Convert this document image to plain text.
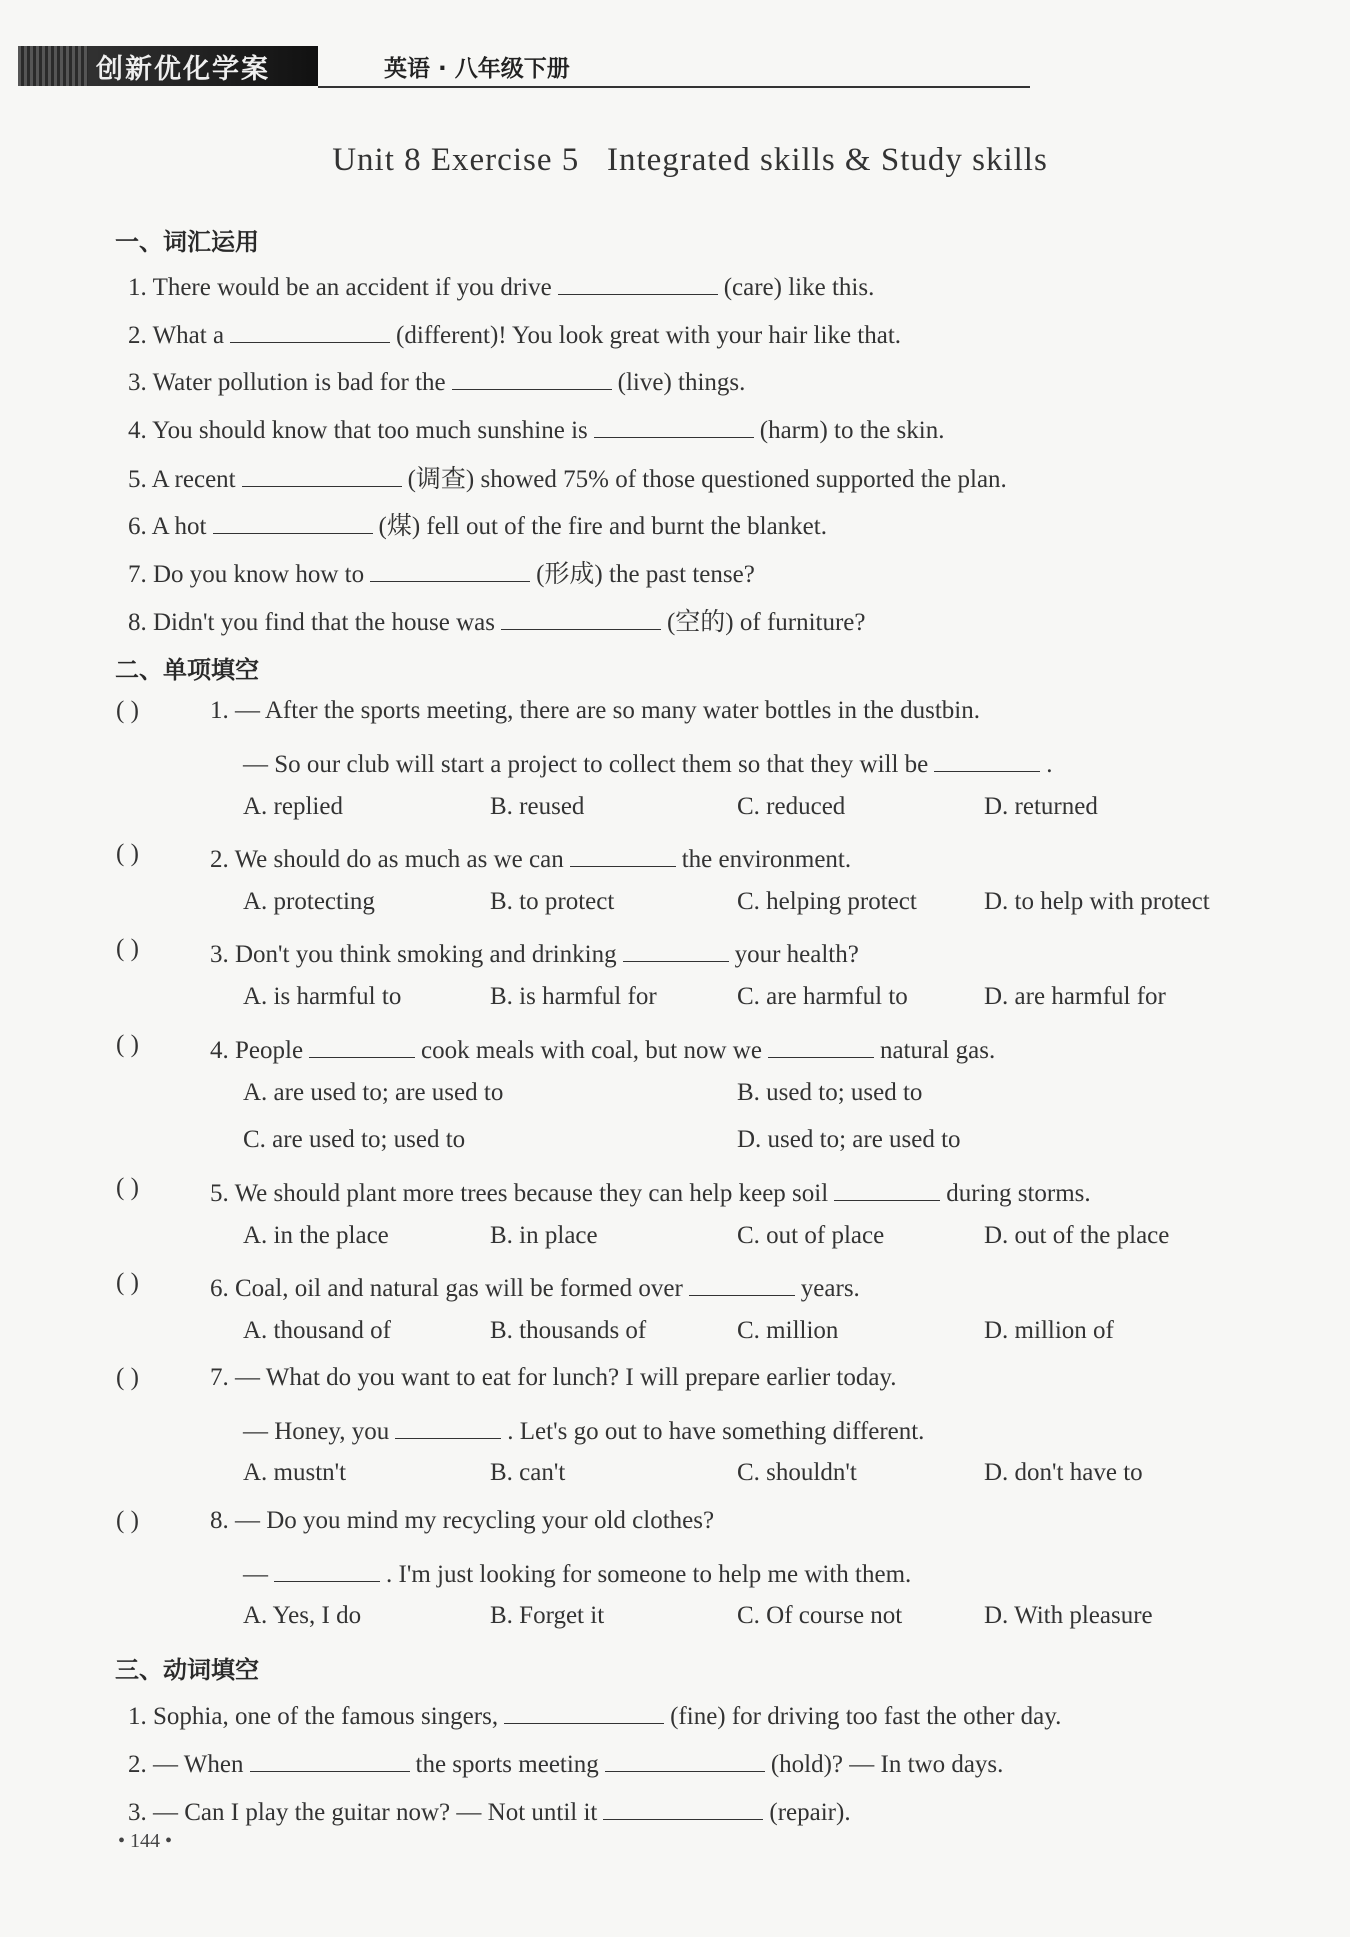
创新优化学案	英语 · 八年级下册
Unit 8 Exercise 5   Integrated skills & Study skills
一、词汇运用
1. There would be an accident if you drive	(care) like this.
2. What a	(different)! You look great with your hair like that.
3. Water pollution is bad for the	(live) things.
4. You should know that too much sunshine is	(harm) to the skin.
5. A recent	(调查) showed 75% of those questioned supported the plan.
6. A hot	(煤) fell out of the fire and burnt the blanket.
7. Do you know how to	(形成) the past tense?
8. Didn't you find that the house was	(空的) of furniture?
二、单项填空
( )	1. — After the sports meeting, there are so many water bottles in the dustbin.
— So our club will start a project to collect them so that they will be	.
A. replied	B. reused	C. reduced	D. returned
( )	2. We should do as much as we can	the environment.
A. protecting	B. to protect	C. helping protect	D. to help with protect
( )	3. Don't you think smoking and drinking	your health?
A. is harmful to	B. is harmful for	C. are harmful to	D. are harmful for
( )	4. People	cook meals with coal, but now we	natural gas.
A. are used to; are used to	B. used to; used to
C. are used to; used to	D. used to; are used to
( )	5. We should plant more trees because they can help keep soil	during storms.
A. in the place	B. in place	C. out of place	D. out of the place
( )	6. Coal, oil and natural gas will be formed over	years.
A. thousand of	B. thousands of	C. million	D. million of
( )	7. — What do you want to eat for lunch? I will prepare earlier today.
— Honey, you	. Let's go out to have something different.
A. mustn't	B. can't	C. shouldn't	D. don't have to
( )	8. — Do you mind my recycling your old clothes?
—	. I'm just looking for someone to help me with them.
A. Yes, I do	B. Forget it	C. Of course not	D. With pleasure
三、动词填空
1. Sophia, one of the famous singers,	(fine) for driving too fast the other day.
2. — When	the sports meeting	(hold)? — In two days.
3. — Can I play the guitar now? — Not until it	(repair).
• 144 •
